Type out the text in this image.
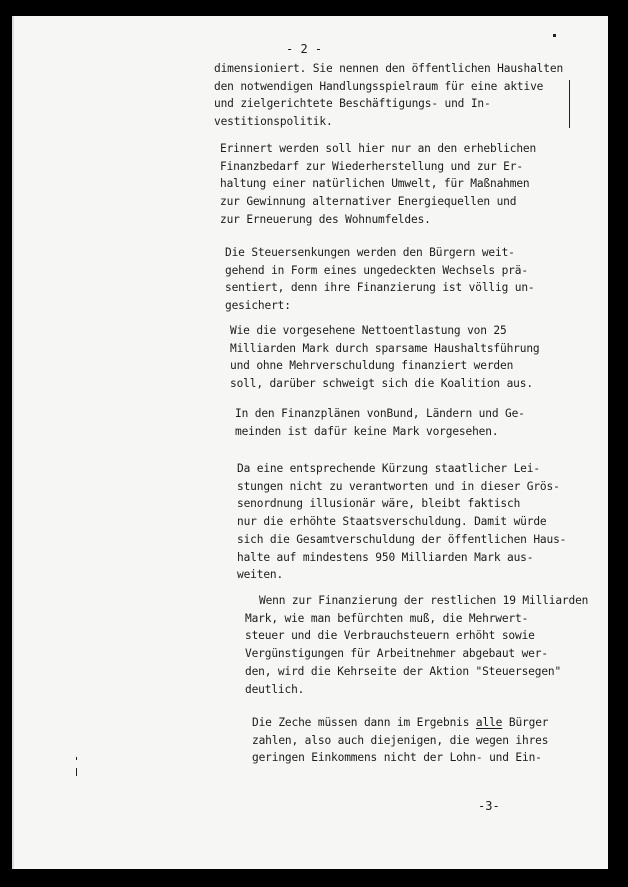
- 2 -

dimensioniert. Sie nennen den öffentlichen Haushalten
den notwendigen Handlungsspielraum für eine aktive
und zielgerichtete Beschäftigungs- und In-
vestitionspolitik.

Erinnert werden soll hier nur an den erheblichen
Finanzbedarf zur Wiederherstellung und zur Er-
haltung einer natürlichen Umwelt, für Maßnahmen
zur Gewinnung alternativer Energiequellen und
zur Erneuerung des Wohnumfeldes.

Die Steuersenkungen werden den Bürgern weit-
gehend in Form eines ungedeckten Wechsels prä-
sentiert, denn ihre Finanzierung ist völlig un-
gesichert:

Wie die vorgesehene Nettoentlastung von 25
Milliarden Mark durch sparsame Haushaltsführung
und ohne Mehrverschuldung finanziert werden
soll, darüber schweigt sich die Koalition aus.

In den Finanzplänen vonBund, Ländern und Ge-
meinden ist dafür keine Mark vorgesehen.

Da eine entsprechende Kürzung staatlicher Lei-
stungen nicht zu verantworten und in dieser Grös-
senordnung illusionär wäre, bleibt faktisch
nur die erhöhte Staatsverschuldung. Damit würde
sich die Gesamtverschuldung der öffentlichen Haus-
halte auf mindestens 950 Milliarden Mark aus-
weiten.

Wenn zur Finanzierung der restlichen 19 Milliarden
Mark, wie man befürchten muß, die Mehrwert-
steuer und die Verbrauchsteuern erhöht sowie
Vergünstigungen für Arbeitnehmer abgebaut wer-
den, wird die Kehrseite der Aktion "Steuersegen"
deutlich.

Die Zeche müssen dann im Ergebnis alle Bürger
zahlen, also auch diejenigen, die wegen ihres
geringen Einkommens nicht der Lohn- und Ein-

-3-
